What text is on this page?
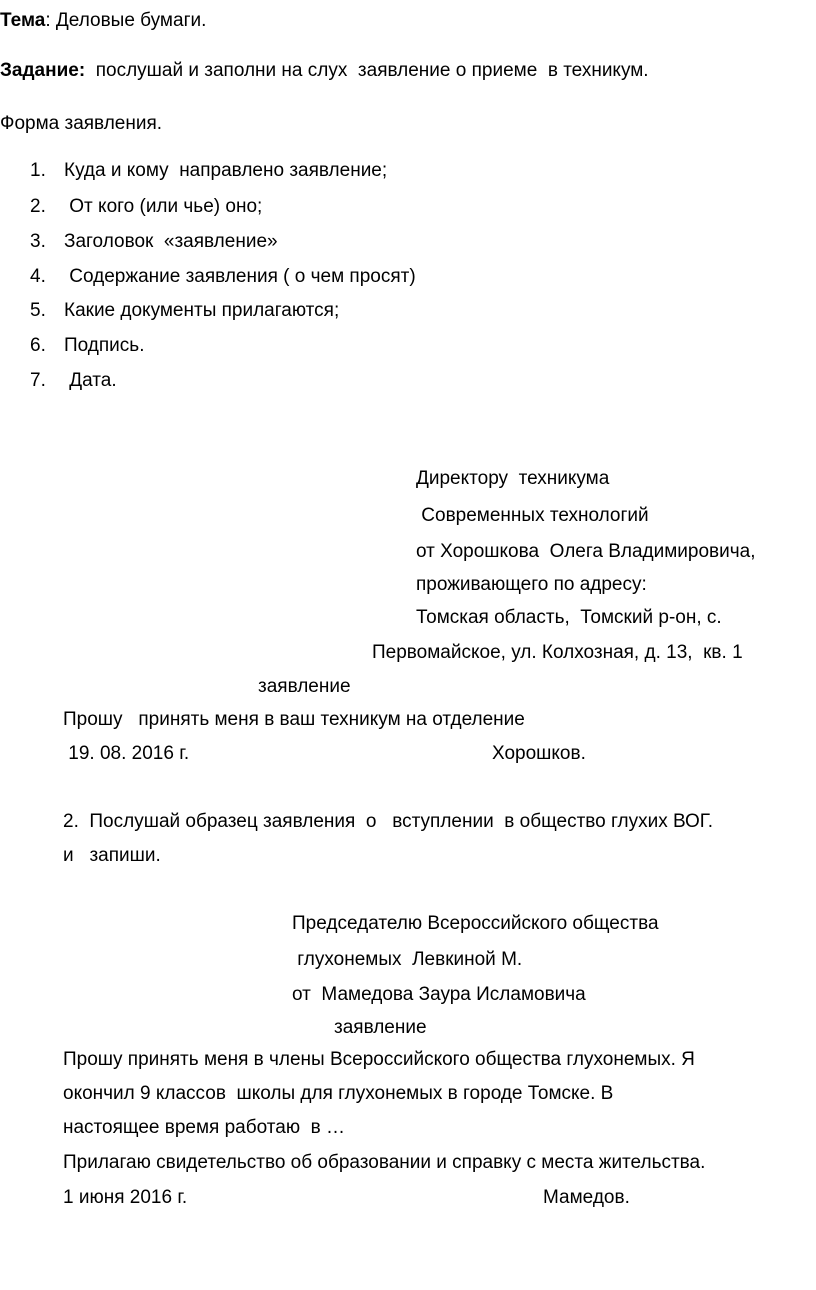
Тема: Деловые бумаги.
Задание:  послушай и заполни на слух  заявление о приеме  в техникум.
Форма заявления.
1. Куда и кому  направлено заявление;
2. От кого (или чье) оно;
3. Заголовок  «заявление»
4. Содержание заявления ( о чем просят)
5. Какие документы прилагаются;
6. Подпись.
7. Дата.
Директору  техникума
Современных технологий
от Хорошкова  Олега Владимировича,
проживающего по адресу:
Томская область,  Томский р-он, с.
Первомайское, ул. Колхозная, д. 13,  кв. 1
заявление
Прошу   принять меня в ваш техникум на отделение
19. 08. 2016 г.	Хорошков.
2.  Послушай образец заявления  о   вступлении  в общество глухих ВОГ.
и   запиши.
Председателю Всероссийского общества
глухонемых  Левкиной М.
от  Мамедова Заура Исламовича
заявление
Прошу принять меня в члены Всероссийского общества глухонемых. Я
окончил 9 классов  школы для глухонемых в городе Томске. В
настоящее время работаю  в …
Прилагаю свидетельство об образовании и справку с места жительства.
1 июня 2016 г.	Мамедов.
